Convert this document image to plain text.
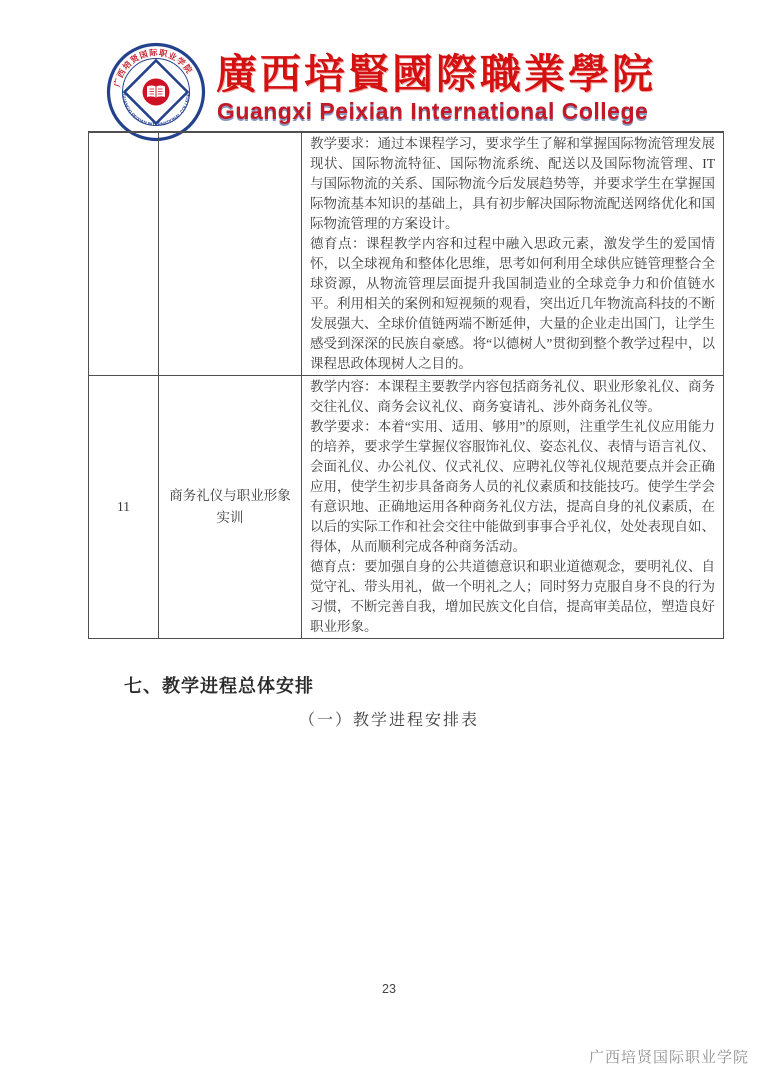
广西培贤国际职业学院
GUANGXI PEIXIAN INTERNATIONAL COLLEGE 廣西培賢國際職業學院
Guangxi Peixian International College

		教学要求：通过本课程学习，要求学生了解和掌握国际物流管理发展现状、国际物流特征、国际物流系统、配送以及国际物流管理、IT 与国际物流的关系、国际物流今后发展趋势等，并要求学生在掌握国际物流基本知识的基础上，具有初步解决国际物流配送网络优化和国际物流管理的方案设计。

德育点：课程教学内容和过程中融入思政元素，激发学生的爱国情怀，以全球视角和整体化思维，思考如何利用全球供应链管理整合全球资源，从物流管理层面提升我国制造业的全球竞争力和价值链水平。利用相关的案例和短视频的观看，突出近几年物流高科技的不断发展强大、全球价值链两端不断延伸，大量的企业走出国门，让学生感受到深深的民族自豪感。将“以德树人”贯彻到整个教学过程中，以课程思政体现树人之目的。

11	商务礼仪与职业形象实训	教学内容：本课程主要教学内容包括商务礼仪、职业形象礼仪、商务交往礼仪、商务会议礼仪、商务宴请礼、涉外商务礼仪等。

教学要求：本着“实用、适用、够用”的原则，注重学生礼仪应用能力的培养，要求学生掌握仪容服饰礼仪、姿态礼仪、表情与语言礼仪、会面礼仪、办公礼仪、仪式礼仪、应聘礼仪等礼仪规范要点并会正确应用，使学生初步具备商务人员的礼仪素质和技能技巧。使学生学会有意识地、正确地运用各种商务礼仪方法，提高自身的礼仪素质，在以后的实际工作和社会交往中能做到事事合乎礼仪，处处表现自如、得体，从而顺利完成各种商务活动。

德育点：要加强自身的公共道德意识和职业道德观念，要明礼仪、自觉守礼、带头用礼，做一个明礼之人；同时努力克服自身不良的行为习惯，不断完善自我，增加民族文化自信，提高审美品位，塑造良好职业形象。

七、教学进程总体安排
（一）教学进程安排表
23
广西培贤国际职业学院
